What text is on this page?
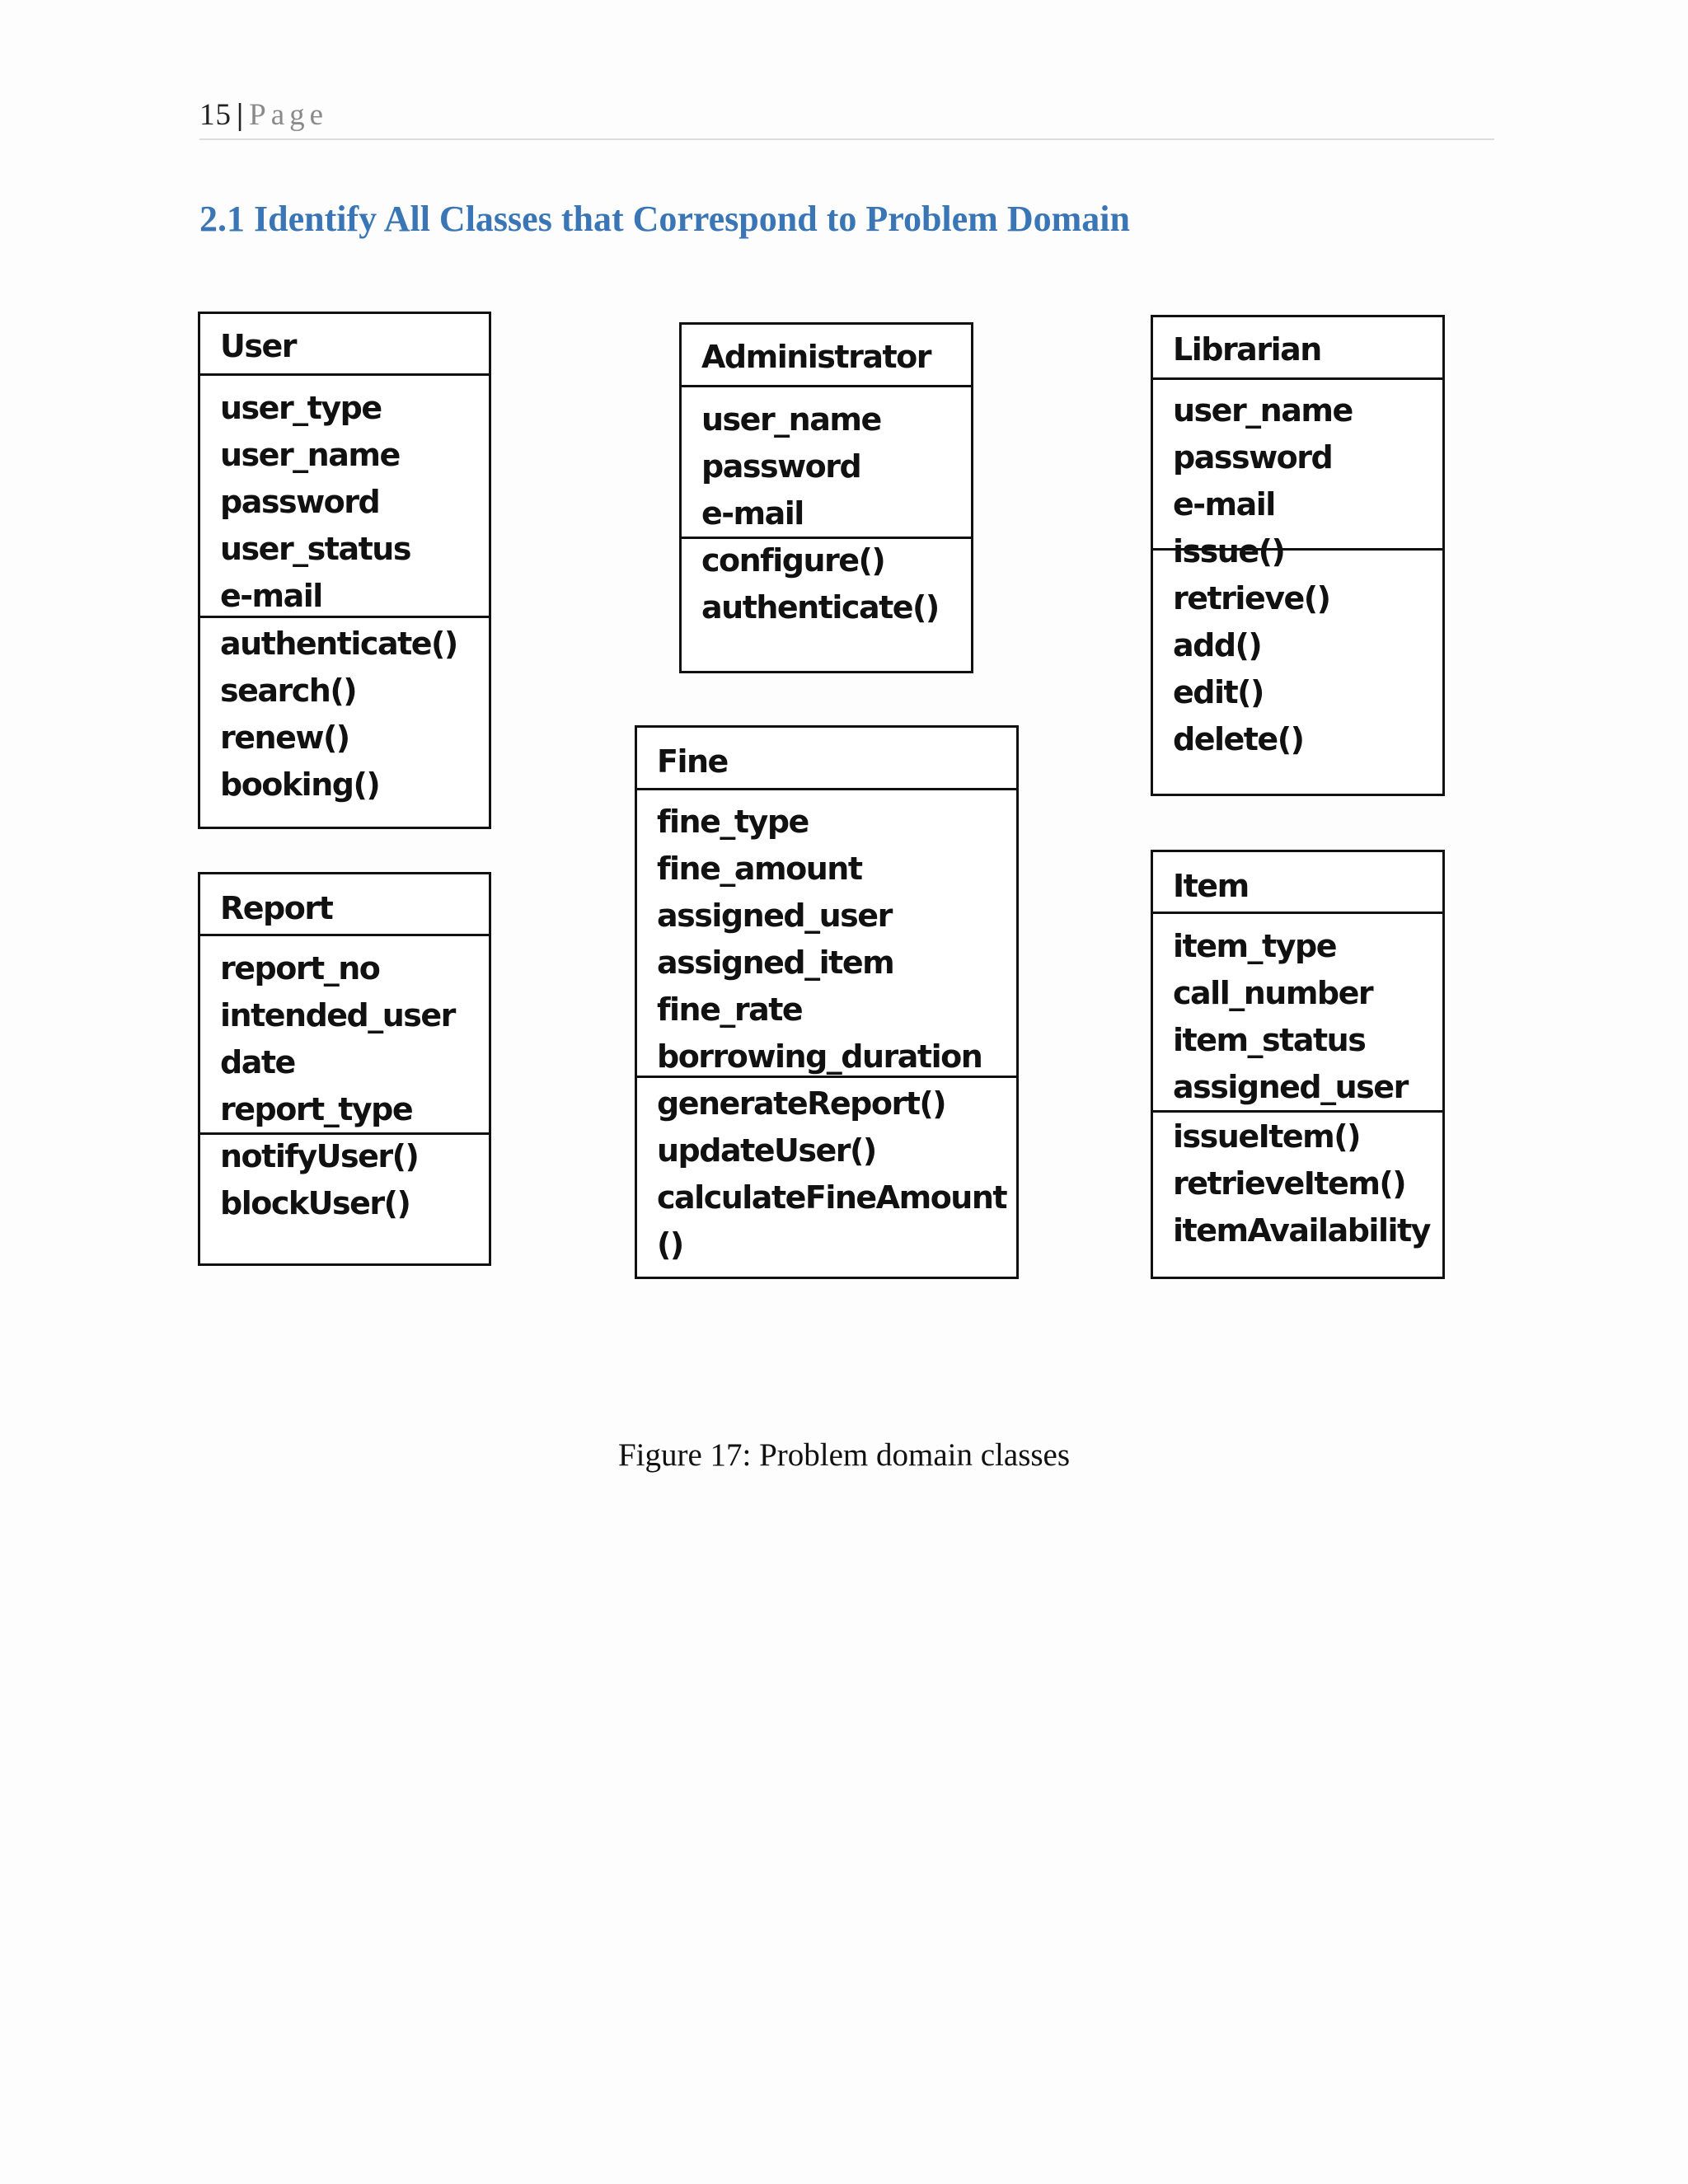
15 | Page
2.1 Identify All Classes that Correspond to Problem Domain
User
user_type
user_name
password
user_status
e-mail
authenticate()
search()
renew()
booking()
Administrator
user_name
password
e-mail
configure()
authenticate()
Librarian
user_name
password
e-mail
issue()
retrieve()
add()
edit()
delete()
Report
report_no
intended_user
date
report_type
notifyUser()
blockUser()
Fine
fine_type
fine_amount
assigned_user
assigned_item
fine_rate
borrowing_duration
generateReport()
updateUser()
calculateFineAmount
()
Item
item_type
call_number
item_status
assigned_user
issueItem()
retrieveItem()
itemAvailability
Figure 17: Problem domain classes
